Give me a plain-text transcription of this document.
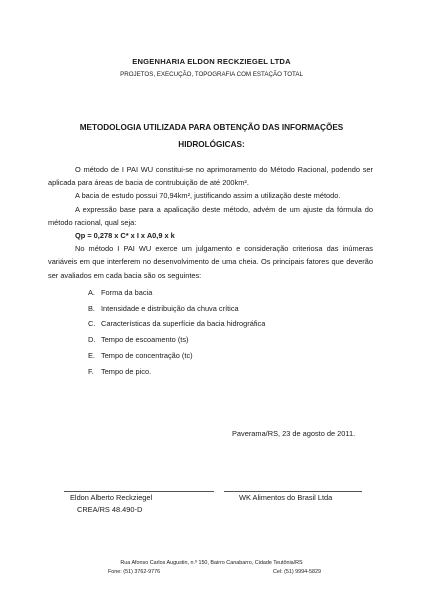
ENGENHARIA ELDON RECKZIEGEL LTDA
PROJETOS, EXECUÇÃO, TOPOGRAFIA COM ESTAÇÃO TOTAL
METODOLOGIA UTILIZADA PARA OBTENÇÃO DAS INFORMAÇÕES HIDROLÓGICAS:

O método de I PAI WU constitui-se no aprimoramento do Método Racional, podendo ser aplicada para áreas de bacia de contrubuição de até 200km².

A bacia de estudo possui 70,94km², justificando assim a utilização deste método.

A expressão base para a apalicação deste método, advém de um ajuste da fórmula do método racional, qual seja:

Qp = 0,278 x C* x I x A0,9 x k

No método I PAI WU exerce um julgamento e consideração criteriosa das inúmeras variáveis em que interferem no desenvolvimento de uma cheia. Os principais fatores que deverão ser avaliados em cada bacia são os seguintes:

A. Forma da bacia
B. Intensidade e distribuição da chuva crítica
C. Características da superfície da bacia hidrográfica
D. Tempo de escoamento (ts)
E. Tempo de concentração (tc)
F. Tempo de pico.
Paverama/RS, 23 de agosto de 2011.
Eldon Alberto Reckziegel
CREA/RS 48.490-D
WK Alimentos do Brasil Ltda
Rua Afonso Carlos Augustin, n.º 150, Bairro Canabarro, Cidade Teutônia/RS
Fone: (51) 3762-9776	Cel: (51) 9994-5829
